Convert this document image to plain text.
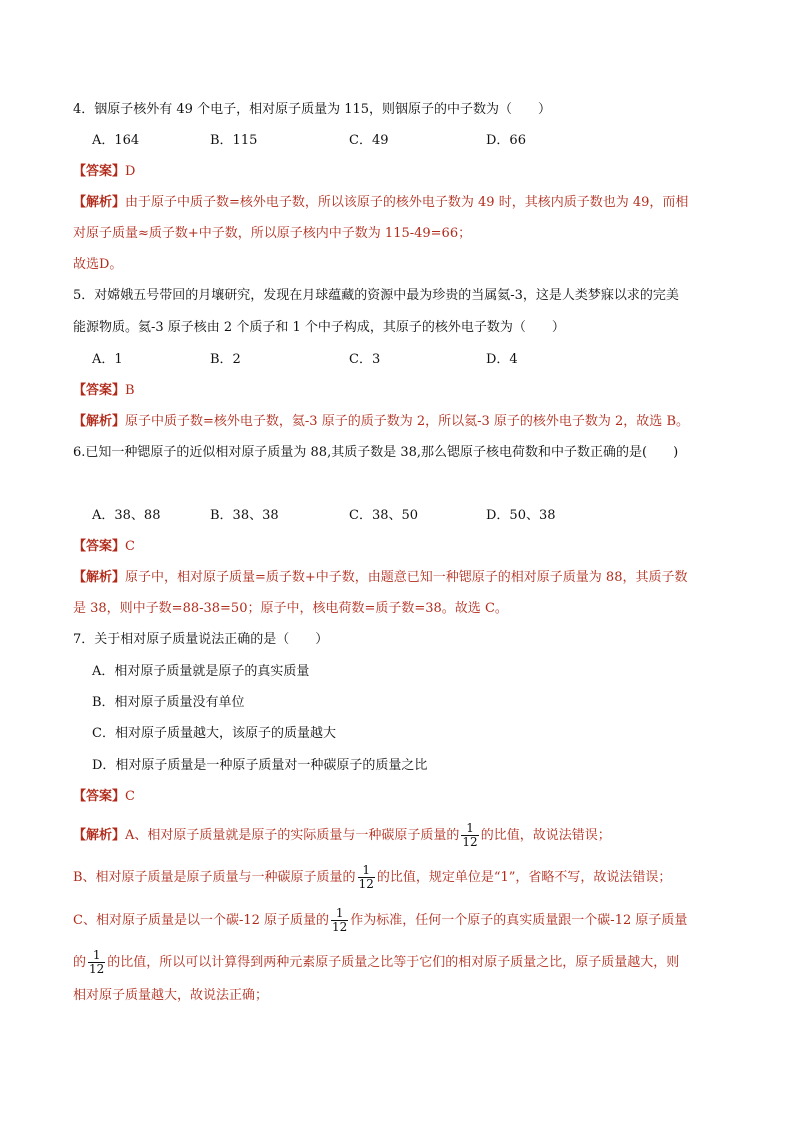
4．铟原子核外有 49 个电子，相对原子质量为 115，则铟原子的中子数为（　　）
A．164	B．115	C．49	D．66
【答案】D
【解析】由于原子中质子数=核外电子数，所以该原子的核外电子数为 49 时，其核内质子数也为 49，而相
对原子质量≈质子数+中子数，所以原子核内中子数为 115-49=66；
故选D。
5．对嫦娥五号带回的月壤研究，发现在月球蕴藏的资源中最为珍贵的当属氦-3，这是人类梦寐以求的完美
能源物质。氦-3 原子核由 2 个质子和 1 个中子构成，其原子的核外电子数为（　　）
A．1	B．2	C．3	D．4
【答案】B
【解析】原子中质子数=核外电子数，氦-3 原子的质子数为 2，所以氦-3 原子的核外电子数为 2，故选 B。
6.已知一种锶原子的近似相对原子质量为 88,其质子数是 38,那么锶原子核电荷数和中子数正确的是(　　)
A．38、88	B．38、38	C．38、50	D．50、38
【答案】C
【解析】原子中，相对原子质量=质子数+中子数，由题意已知一种锶原子的相对原子质量为 88，其质子数
是 38，则中子数=88-38=50；原子中，核电荷数=质子数=38。故选 C。
7．关于相对原子质量说法正确的是（　　）
A．相对原子质量就是原子的真实质量
B．相对原子质量没有单位
C．相对原子质量越大，该原子的质量越大
D．相对原子质量是一种原子质量对一种碳原子的质量之比
【答案】C
【解析】A、相对原子质量就是原子的实际质量与一种碳原子质量的 $\frac{1}{12}$ 的比值，故说法错误；
B、相对原子质量是原子质量与一种碳原子质量的 $\frac{1}{12}$ 的比值，规定单位是“1”，省略不写，故说法错误；
C、相对原子质量是以一个碳-12 原子质量的 $\frac{1}{12}$ 作为标准，任何一个原子的真实质量跟一个碳-12 原子质量
的 $\frac{1}{12}$ 的比值，所以可以计算得到两种元素原子质量之比等于它们的相对原子质量之比，原子质量越大，则
相对原子质量越大，故说法正确；
